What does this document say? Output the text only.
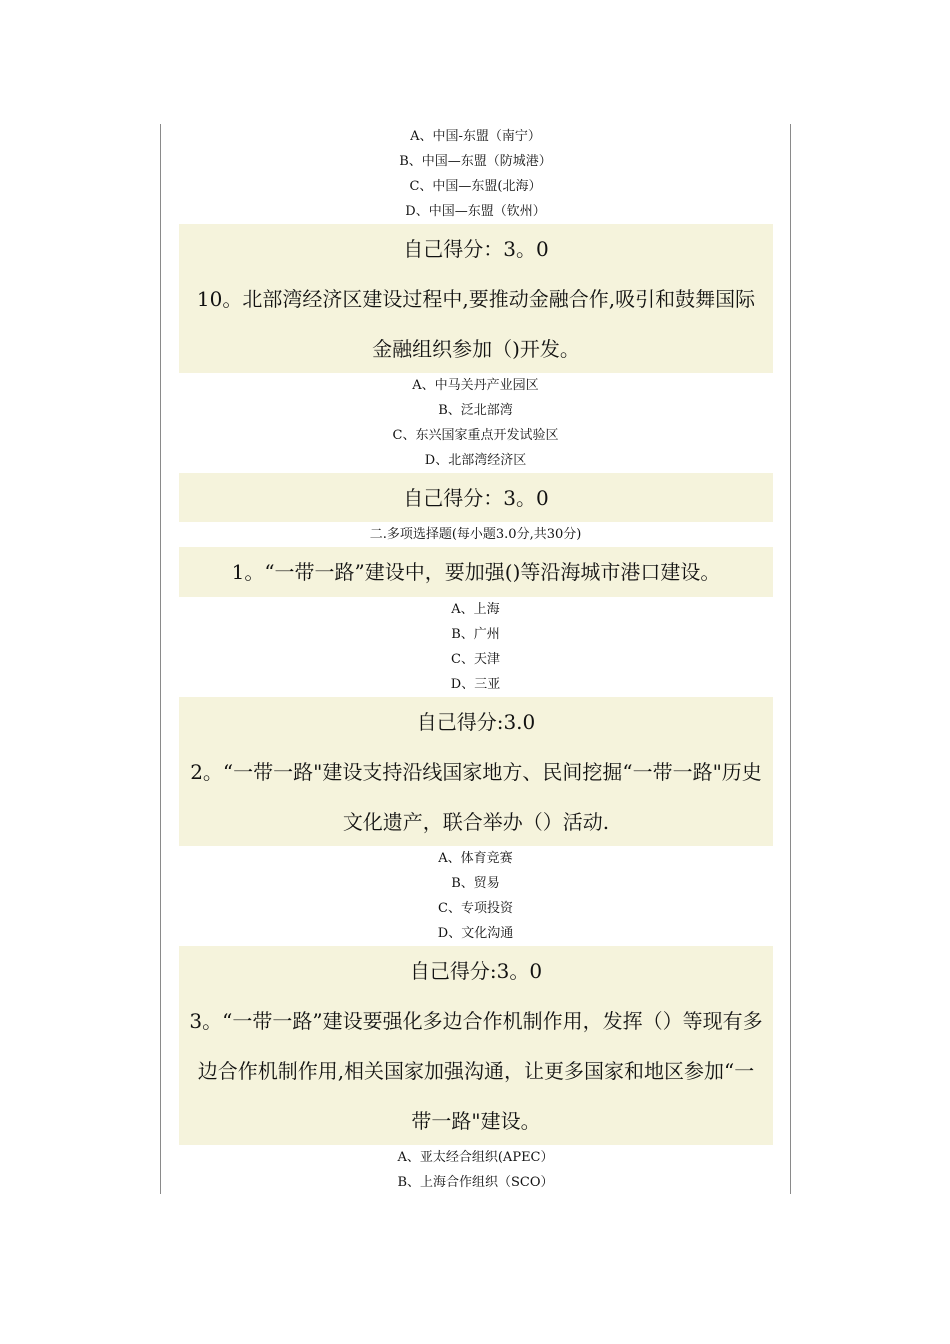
A、中国-东盟（南宁）
B、中国—东盟（防城港）
C、中国—东盟(北海）
D、中国—东盟（钦州）
自己得分：3。0
10。北部湾经济区建设过程中,要推动金融合作,吸引和鼓舞国际金融组织参加（)开发。
A、中马关丹产业园区
B、泛北部湾
C、东兴国家重点开发试验区
D、北部湾经济区
自己得分：3。0
二.多项选择题(每小题3.0分,共30分)
1。“一带一路”建设中，要加强()等沿海城市港口建设。
A、上海
B、广州
C、天津
D、三亚
自己得分:3.0
2。“一带一路"建设支持沿线国家地方、民间挖掘“一带一路"历史文化遗产，联合举办（）活动.
A、体育竞赛
B、贸易
C、专项投资
D、文化沟通
自己得分:3。0
3。“一带一路”建设要强化多边合作机制作用，发挥（）等现有多边合作机制作用,相关国家加强沟通，让更多国家和地区参加“一带一路"建设。
A、亚太经合组织(APEC）
B、上海合作组织（SCO）
